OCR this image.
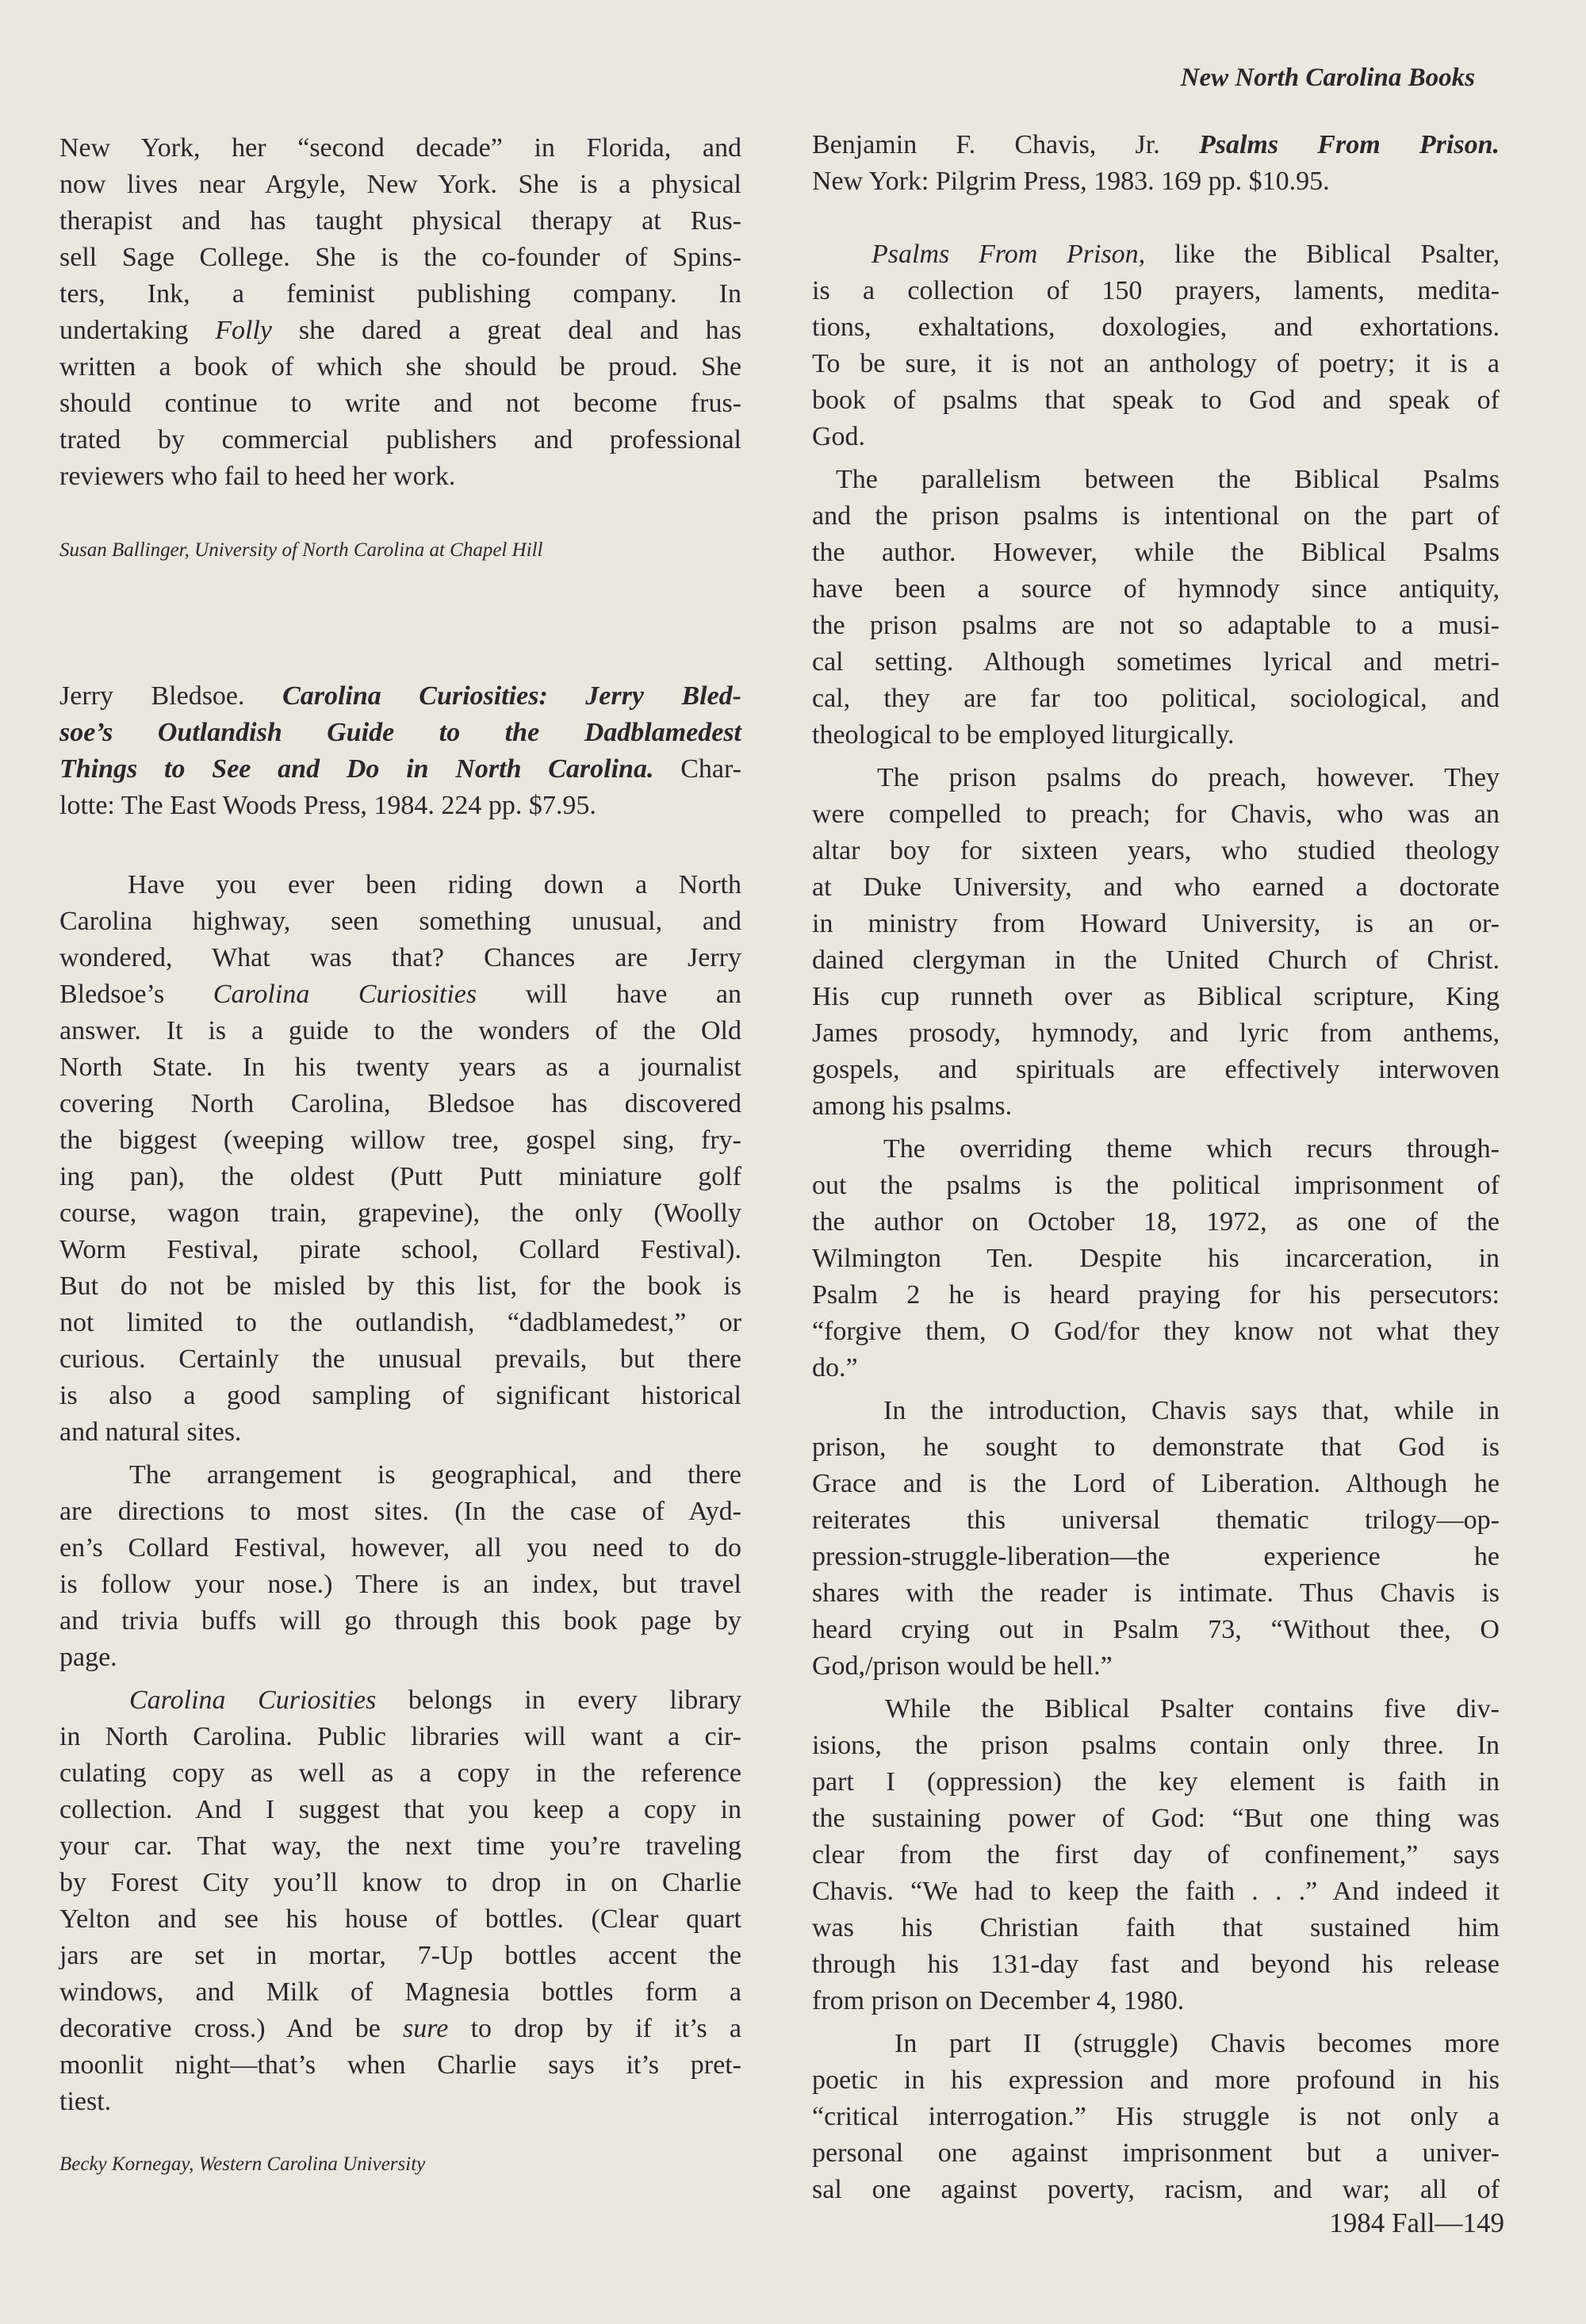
New North Carolina Books
New York, her “second decade” in Florida, and
now lives near Argyle, New York. She is a physical
therapist and has taught physical therapy at Rus-
sell Sage College. She is the co-founder of Spins-
ters, Ink, a feminist publishing company. In
undertaking Folly she dared a great deal and has
written a book of which she should be proud. She
should continue to write and not become frus-
trated by commercial publishers and professional
reviewers who fail to heed her work.
Susan Ballinger, University of North Carolina at Chapel Hill
Jerry Bledsoe. Carolina Curiosities: Jerry Bled-
soe’s Outlandish Guide to the Dadblamedest
Things to See and Do in North Carolina. Char-
lotte: The East Woods Press, 1984. 224 pp. $7.95.
Have you ever been riding down a North
Carolina highway, seen something unusual, and
wondered, What was that? Chances are Jerry
Bledsoe’s Carolina Curiosities will have an
answer. It is a guide to the wonders of the Old
North State. In his twenty years as a journalist
covering North Carolina, Bledsoe has discovered
the biggest (weeping willow tree, gospel sing, fry-
ing pan), the oldest (Putt Putt miniature golf
course, wagon train, grapevine), the only (Woolly
Worm Festival, pirate school, Collard Festival).
But do not be misled by this list, for the book is
not limited to the outlandish, “dadblamedest,” or
curious. Certainly the unusual prevails, but there
is also a good sampling of significant historical
and natural sites.
The arrangement is geographical, and there
are directions to most sites. (In the case of Ayd-
en’s Collard Festival, however, all you need to do
is follow your nose.) There is an index, but travel
and trivia buffs will go through this book page by
page.
Carolina Curiosities belongs in every library
in North Carolina. Public libraries will want a cir-
culating copy as well as a copy in the reference
collection. And I suggest that you keep a copy in
your car. That way, the next time you’re traveling
by Forest City you’ll know to drop in on Charlie
Yelton and see his house of bottles. (Clear quart
jars are set in mortar, 7-Up bottles accent the
windows, and Milk of Magnesia bottles form a
decorative cross.) And be sure to drop by if it’s a
moonlit night—that’s when Charlie says it’s pret-
tiest.
Becky Kornegay, Western Carolina University
Benjamin F. Chavis, Jr. Psalms From Prison.
New York: Pilgrim Press, 1983. 169 pp. $10.95.
Psalms From Prison, like the Biblical Psalter,
is a collection of 150 prayers, laments, medita-
tions, exhaltations, doxologies, and exhortations.
To be sure, it is not an anthology of poetry; it is a
book of psalms that speak to God and speak of
God.
The parallelism between the Biblical Psalms
and the prison psalms is intentional on the part of
the author. However, while the Biblical Psalms
have been a source of hymnody since antiquity,
the prison psalms are not so adaptable to a musi-
cal setting. Although sometimes lyrical and metri-
cal, they are far too political, sociological, and
theological to be employed liturgically.
The prison psalms do preach, however. They
were compelled to preach; for Chavis, who was an
altar boy for sixteen years, who studied theology
at Duke University, and who earned a doctorate
in ministry from Howard University, is an or-
dained clergyman in the United Church of Christ.
His cup runneth over as Biblical scripture, King
James prosody, hymnody, and lyric from anthems,
gospels, and spirituals are effectively interwoven
among his psalms.
The overriding theme which recurs through-
out the psalms is the political imprisonment of
the author on October 18, 1972, as one of the
Wilmington Ten. Despite his incarceration, in
Psalm 2 he is heard praying for his persecutors:
“forgive them, O God/for they know not what they
do.”
In the introduction, Chavis says that, while in
prison, he sought to demonstrate that God is
Grace and is the Lord of Liberation. Although he
reiterates this universal thematic trilogy—op-
pression-struggle-liberation—the experience he
shares with the reader is intimate. Thus Chavis is
heard crying out in Psalm 73, “Without thee, O
God,/prison would be hell.”
While the Biblical Psalter contains five div-
isions, the prison psalms contain only three. In
part I (oppression) the key element is faith in
the sustaining power of God: “But one thing was
clear from the first day of confinement,” says
Chavis. “We had to keep the faith . . .” And indeed it
was his Christian faith that sustained him
through his 131-day fast and beyond his release
from prison on December 4, 1980.
In part II (struggle) Chavis becomes more
poetic in his expression and more profound in his
“critical interrogation.” His struggle is not only a
personal one against imprisonment but a univer-
sal one against poverty, racism, and war; all of
1984 Fall—149
